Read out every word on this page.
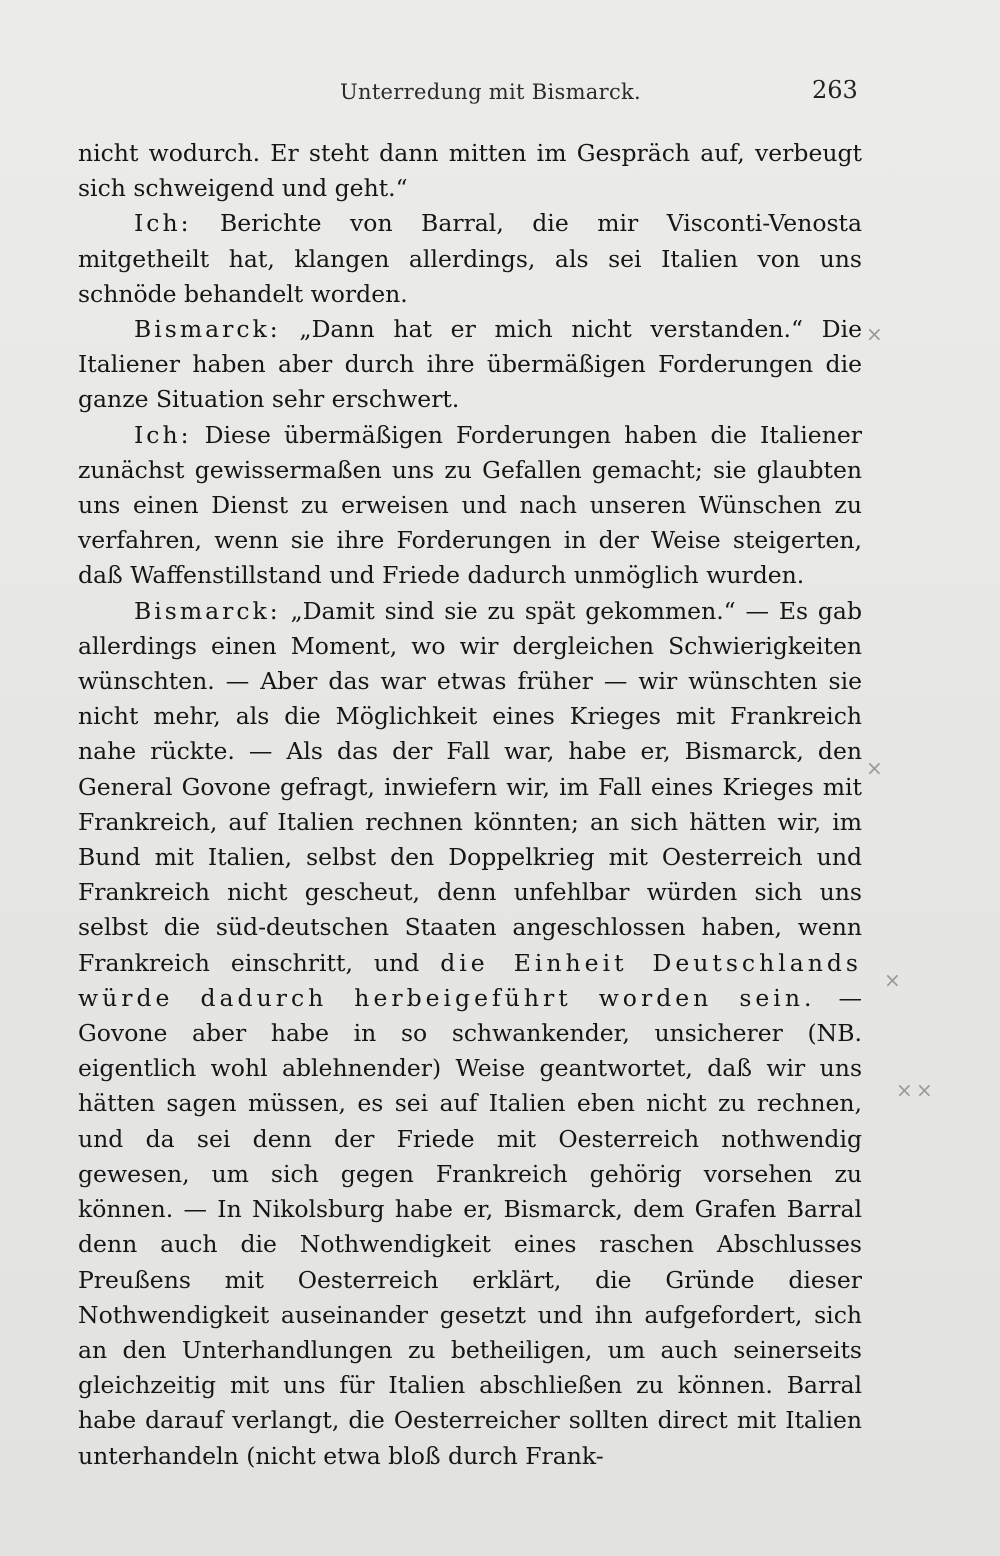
Unterredung mit Bismarck.	263

nicht wodurch. Er steht dann mitten im Gespräch auf, verbeugt sich schweigend und geht.“

Ich: Berichte von Barral, die mir Visconti-Venosta mitgetheilt hat, klangen allerdings, als sei Italien von uns schnöde behandelt worden.

Bismarck: „Dann hat er mich nicht verstanden.“ Die Italiener haben aber durch ihre übermäßigen Forderungen die ganze Situation sehr erschwert.

Ich: Diese übermäßigen Forderungen haben die Italiener zunächst gewissermaßen uns zu Gefallen gemacht; sie glaubten uns einen Dienst zu erweisen und nach unseren Wünschen zu verfahren, wenn sie ihre Forderungen in der Weise steigerten, daß Waffenstillstand und Friede dadurch unmöglich wurden.

Bismarck: „Damit sind sie zu spät gekommen.“ — Es gab allerdings einen Moment, wo wir dergleichen Schwierigkeiten wünschten. — Aber das war etwas früher — wir wünschten sie nicht mehr, als die Möglichkeit eines Krieges mit Frankreich nahe rückte. — Als das der Fall war, habe er, Bismarck, den General Govone gefragt, inwiefern wir, im Fall eines Krieges mit Frankreich, auf Italien rechnen könnten; an sich hätten wir, im Bund mit Italien, selbst den Doppelkrieg mit Oesterreich und Frankreich nicht gescheut, denn unfehlbar würden sich uns selbst die süd-deutschen Staaten angeschlossen haben, wenn Frankreich einschritt, und die Einheit Deutschlands würde dadurch herbeigeführt worden sein. — Govone aber habe in so schwankender, unsicherer (NB. eigentlich wohl ablehnender) Weise geantwortet, daß wir uns hätten sagen müssen, es sei auf Italien eben nicht zu rechnen, und da sei denn der Friede mit Oesterreich nothwendig gewesen, um sich gegen Frankreich gehörig vorsehen zu können. — In Nikolsburg habe er, Bismarck, dem Grafen Barral denn auch die Nothwendigkeit eines raschen Abschlusses Preußens mit Oesterreich erklärt, die Gründe dieser Nothwendigkeit auseinander gesetzt und ihn aufgefordert, sich an den Unterhandlungen zu betheiligen, um auch seinerseits gleichzeitig mit uns für Italien abschließen zu können. Barral habe darauf verlangt, die Oesterreicher sollten direct mit Italien unterhandeln (nicht etwa bloß durch Frank-

×
×
×
× ×
